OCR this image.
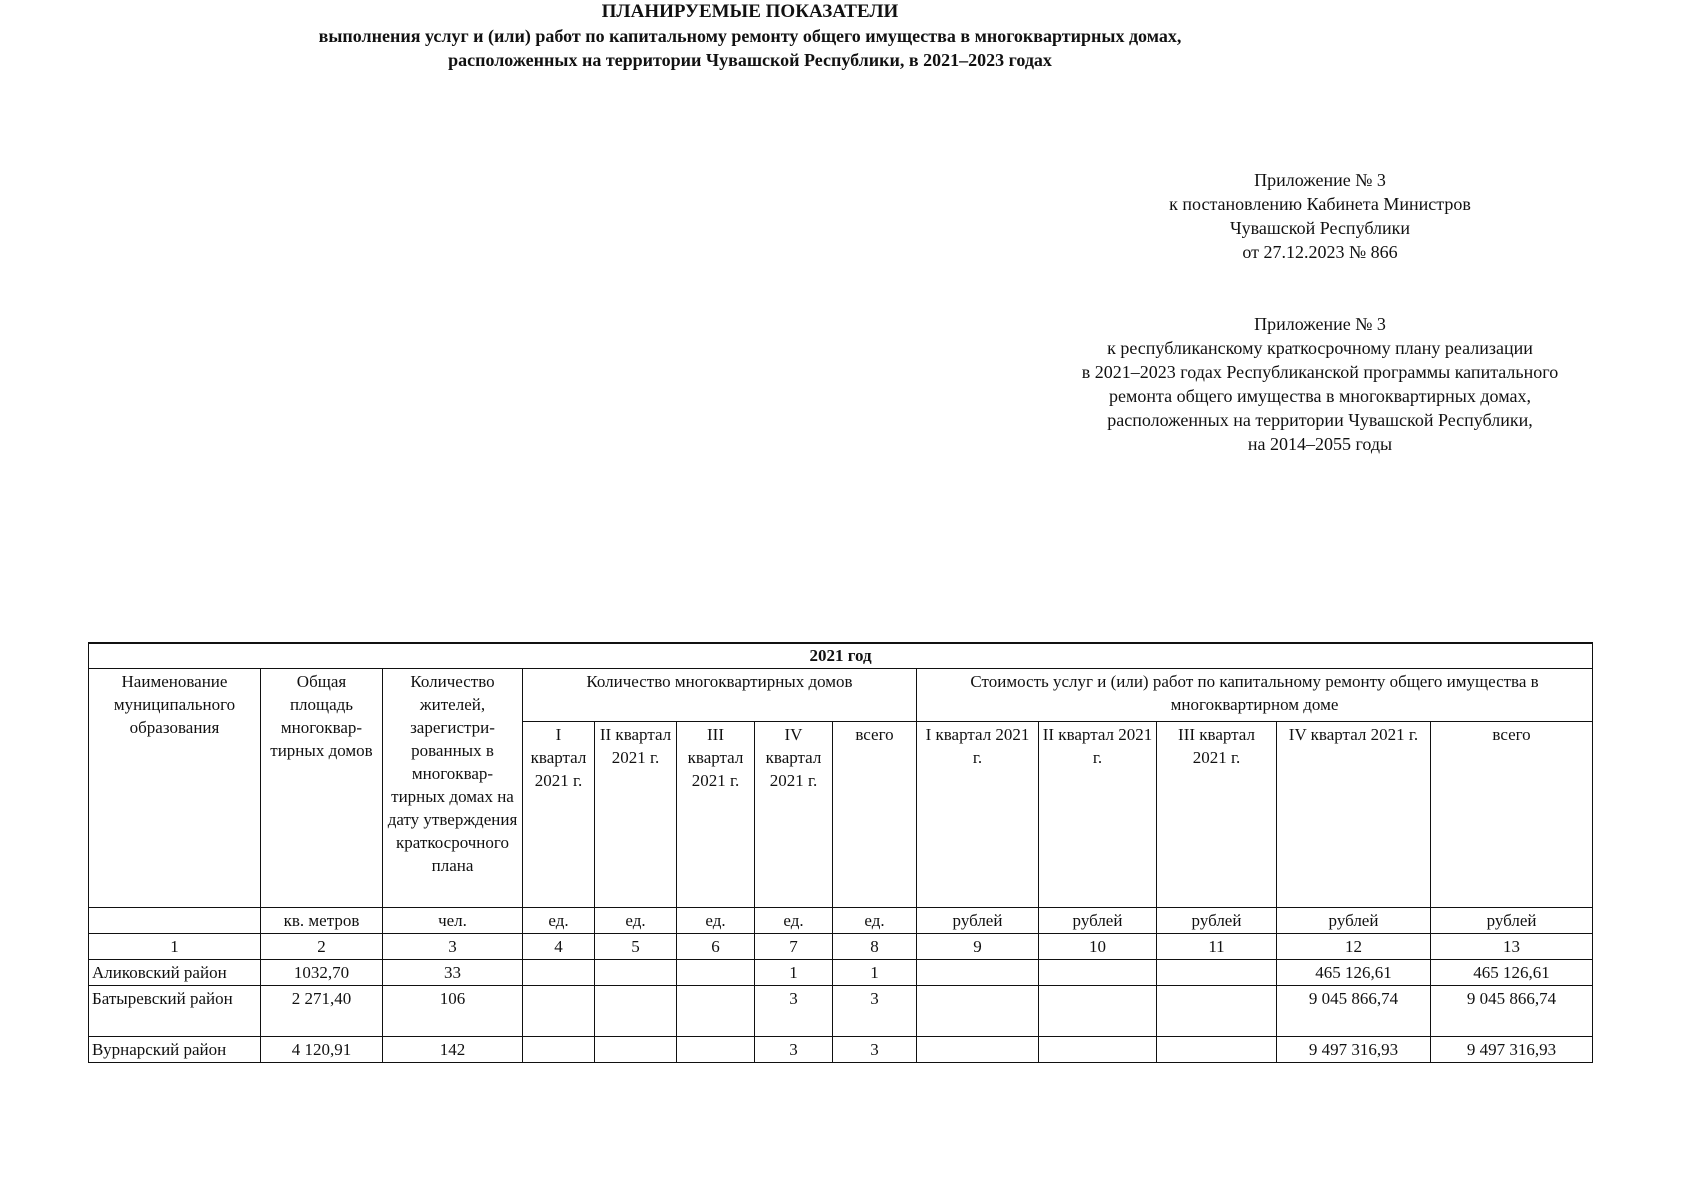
Приложение № 3
к постановлению Кабинета Министров
Чувашской Республики
от 27.12.2023 № 866
Приложение № 3
к республиканскому краткосрочному плану реализации
в 2021–2023 годах Республиканской программы капитального
ремонта общего имущества в многоквартирных домах,
расположенных на территории Чувашской Республики,
на 2014–2055 годы
ПЛАНИРУЕМЫЕ ПОКАЗАТЕЛИ
выполнения услуг и (или) работ по капитальному ремонту общего имущества в многоквартирных домах,
расположенных на территории Чувашской Республики, в 2021–2023 годах
2021 год												
Наименование муниципального образования	Общая площадь многоквар-тирных домов	Количество жителей, зарегистри-рованных в многоквар-тирных домах на дату утверждения краткосрочного плана	Количество многоквартирных домов					Стоимость услуг и (или) работ по капитальному ремонту общего имущества в многоквартирном доме				
			I квартал 2021 г.	II квартал 2021 г.	III квартал 2021 г.	IV квартал 2021 г.	всего	I квартал 2021 г.	II квартал 2021 г.	III квартал 2021 г.	IV квартал 2021 г.	всего
	кв. метров	чел.	ед.	ед.	ед.	ед.	ед.	рублей	рублей	рублей	рублей	рублей
1	2	3	4	5	6	7	8	9	10	11	12	13
Аликовский район	1032,70	33				1	1				465 126,61	465 126,61
Батыревский район	2 271,40	106				3	3				9 045 866,74	9 045 866,74
Вурнарский район	4 120,91	142				3	3				9 497 316,93	9 497 316,93
